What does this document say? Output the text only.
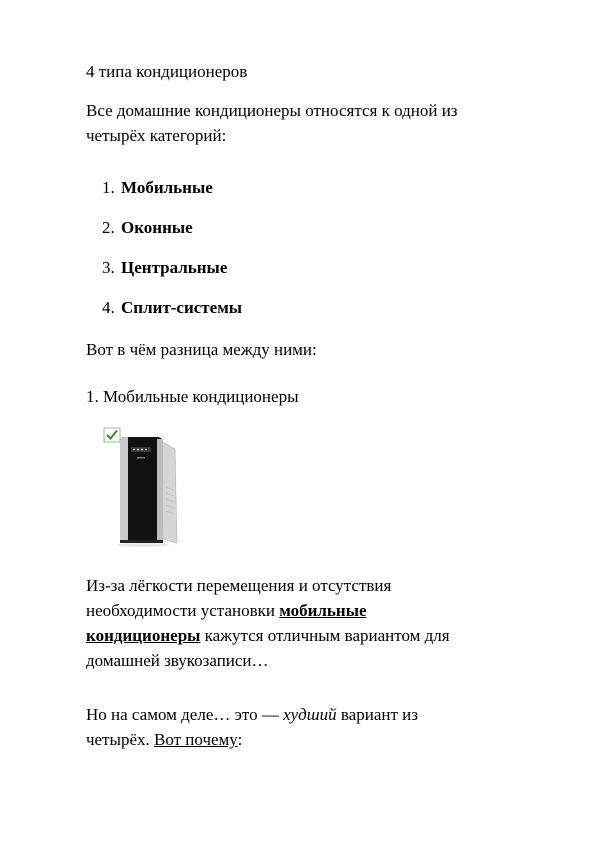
4 типа кондиционеров
Все домашние кондиционеры относятся к одной из
четырёх категорий:
1. Мобильные
2. Оконные
3. Центральные
4. Сплит-системы
Вот в чём разница между ними:
1. Мобильные кондиционеры
Из-за лёгкости перемещения и отсутствия
необходимости установки мобильные
кондиционеры кажутся отличным вариантом для
домашней звукозаписи…
Но на самом деле… это — худший вариант из
четырёх. Вот почему:
